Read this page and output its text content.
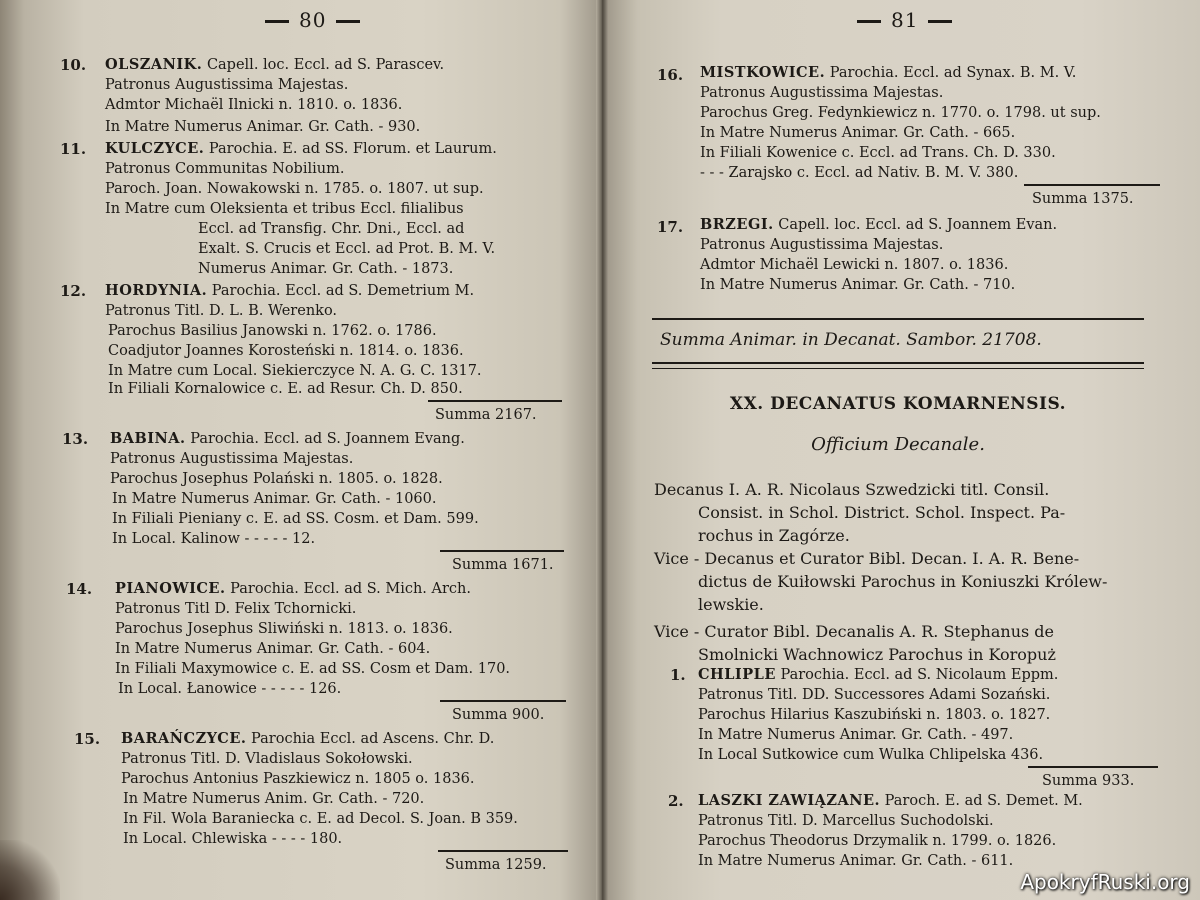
80
10. OLSZANIK. Capell. loc. Eccl. ad S. Parascev.
Patronus Augustissima Majestas.
Admtor Michaël Ilnicki n. 1810. o. 1836.
In Matre Numerus Animar. Gr. Cath. - 930.
11. KULCZYCE. Parochia. E. ad SS. Florum. et Laurum.
Patronus Communitas Nobilium.
Paroch. Joan. Nowakowski n. 1785. o. 1807. ut sup.
In Matre cum Oleksienta et tribus Eccl. filialibus
Eccl. ad Transfig. Chr. Dni., Eccl. ad
Exalt. S. Crucis et Eccl. ad Prot. B. M. V.
Numerus Animar. Gr. Cath. - 1873.
12. HORDYNIA. Parochia. Eccl. ad S. Demetrium M.
Patronus Titl. D. L. B. Werenko.
Parochus Basilius Janowski n. 1762. o. 1786.
Coadjutor Joannes Korosteński n. 1814. o. 1836.
In Matre cum Local. Siekierczyce N. A. G. C. 1317.
In Filiali Kornalowice c. E. ad Resur. Ch. D. 850.
Summa 2167.
13. BABINA. Parochia. Eccl. ad S. Joannem Evang.
Patronus Augustissima Majestas.
Parochus Josephus Polański n. 1805. o. 1828.
In Matre Numerus Animar. Gr. Cath. - 1060.
In Filiali Pieniany c. E. ad SS. Cosm. et Dam. 599.
In Local. Kalinow - - - - - 12.
Summa 1671.
14. PIANOWICE. Parochia. Eccl. ad S. Mich. Arch.
Patronus Titl D. Felix Tchornicki.
Parochus Josephus Sliwiński n. 1813. o. 1836.
In Matre Numerus Animar. Gr. Cath. - 604.
In Filiali Maxymowice c. E. ad SS. Cosm et Dam. 170.
In Local. Łanowice - - - - - 126.
Summa 900.
15. BARAŃCZYCE. Parochia Eccl. ad Ascens. Chr. D.
Patronus Titl. D. Vladislaus Sokołowski.
Parochus Antonius Paszkiewicz n. 1805 o. 1836.
In Matre Numerus Anim. Gr. Cath. - 720.
In Fil. Wola Baraniecka c. E. ad Decol. S. Joan. B 359.
In Local. Chlewiska - - - - 180.
Summa 1259.
81
16. MISTKOWICE. Parochia. Eccl. ad Synax. B. M. V.
Patronus Augustissima Majestas.
Parochus Greg. Fedynkiewicz n. 1770. o. 1798. ut sup.
In Matre Numerus Animar. Gr. Cath. - 665.
In Filiali Kowenice c. Eccl. ad Trans. Ch. D. 330.
- - - Zarajsko c. Eccl. ad Nativ. B. M. V. 380.
Summa 1375.
17. BRZEGI. Capell. loc. Eccl. ad S. Joannem Evan.
Patronus Augustissima Majestas.
Admtor Michaël Lewicki n. 1807. o. 1836.
In Matre Numerus Animar. Gr. Cath. - 710.
Summa Animar. in Decanat. Sambor. 21708.
XX. DECANATUS KOMARNENSIS.
Officium Decanale.
Decanus I. A. R. Nicolaus Szwedzicki titl. Consil.
Consist. in Schol. District. Schol. Inspect. Pa-
rochus in Zagórze.
Vice - Decanus et Curator Bibl. Decan. I. A. R. Bene-
dictus de Kuiłowski Parochus in Koniuszki Królew-
lewskie.
Vice - Curator Bibl. Decanalis A. R. Stephanus de
Smolnicki Wachnowicz Parochus in Koropuż
1. CHLIPLE Parochia. Eccl. ad S. Nicolaum Eppm.
Patronus Titl. DD. Successores Adami Sozański.
Parochus Hilarius Kaszubiński n. 1803. o. 1827.
In Matre Numerus Animar. Gr. Cath. - 497.
In Local Sutkowice cum Wulka Chlipelska 436.
Summa 933.
2. LASZKI ZAWIĄZANE. Paroch. E. ad S. Demet. M.
Patronus Titl. D. Marcellus Suchodolski.
Parochus Theodorus Drzymalik n. 1799. o. 1826.
In Matre Numerus Animar. Gr. Cath. - 611.
ApokryfRuski.org
